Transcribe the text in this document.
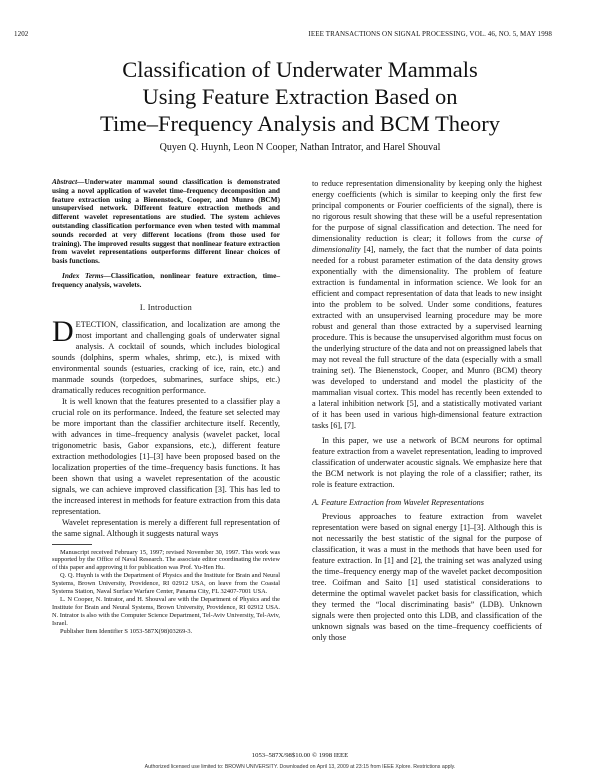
1202	IEEE TRANSACTIONS ON SIGNAL PROCESSING, VOL. 46, NO. 5, MAY 1998
Classification of Underwater Mammals
Using Feature Extraction Based on
Time–Frequency Analysis and BCM Theory
Quyen Q. Huynh, Leon N Cooper, Nathan Intrator, and Harel Shouval

Abstract—Underwater mammal sound classification is demonstrated using a novel application of wavelet time–frequency decomposition and feature extraction using a Bienenstock, Cooper, and Munro (BCM) unsupervised network. Different feature extraction methods and different wavelet representations are studied. The system achieves outstanding classification performance even when tested with mammal sounds recorded at very different locations (from those used for training). The improved results suggest that nonlinear feature extraction from wavelet representations outperforms different linear choices of basis functions.

Index Terms—Classification, nonlinear feature extraction, time–frequency analysis, wavelets.

I. Introduction

DETECTION, classification, and localization are among the most important and challenging goals of underwater signal analysis. A cocktail of sounds, which includes biological sounds (dolphins, sperm whales, shrimp, etc.), is mixed with environmental sounds (estuaries, cracking of ice, rain, etc.) and manmade sounds (torpedoes, submarines, surface ships, etc.) dramatically reduces recognition performance.

It is well known that the features presented to a classifier play a crucial role on its performance. Indeed, the feature set selected may be more important than the classifier architecture itself. Recently, with advances in time–frequency analysis (wavelet packet, local trigonometric basis, Gabor expansions, etc.), different feature extraction methodologies [1]–[3] have been proposed based on the localization properties of the time–frequency basis functions. It has been shown that using a wavelet representation of the acoustic signals, we can achieve improved classification [3]. This has led to the increased interest in methods for feature extraction from this data representation.

Wavelet representation is merely a different full representation of the same signal. Although it suggests natural ways

Manuscript received February 15, 1997; revised November 30, 1997. This work was supported by the Office of Naval Research. The associate editor coordinating the review of this paper and approving it for publication was Prof. Yu-Hen Hu.

Q. Q. Huynh is with the Department of Physics and the Institute for Brain and Neural Systems, Brown University, Providence, RI 02912 USA, on leave from the Coastal Systems Station, Naval Surface Warfare Center, Panama City, FL 32407-7001 USA.

L. N Cooper, N. Intrator, and H. Shouval are with the Department of Physics and the Institute for Brain and Neural Systems, Brown University, Providence, RI 02912 USA. N. Intrator is also with the Computer Science Department, Tel-Aviv University, Tel-Aviv, Israel.

Publisher Item Identifier S 1053-587X(98)03269-3.

to reduce representation dimensionality by keeping only the highest energy coefficients (which is similar to keeping only the first few principal components or Fourier coefficients of the signal), there is no rigorous result showing that these will be a useful representation for the purpose of signal classification and detection. The need for dimensionality reduction is clear; it follows from the curse of dimensionality [4], namely, the fact that the number of data points needed for a robust parameter estimation of the data density grows exponentially with the dimensionality. The problem of feature extraction is fundamental in information science. We look for an efficient and compact representation of data that leads to new insight into the problem to be solved. Under some conditions, features extracted with an unsupervised learning procedure may be more robust and general than those extracted by a supervised learning procedure. This is because the unsupervised algorithm must focus on the underlying structure of the data and not on preassigned labels that may not reveal the full structure of the data (especially with a small training set). The Bienenstock, Cooper, and Munro (BCM) theory was developed to understand and model the plasticity of the mammalian visual cortex. This model has recently been extended to a lateral inhibition network [5], and a statistically motivated variant of it has been used in various high-dimensional feature extraction tasks [6], [7].

In this paper, we use a network of BCM neurons for optimal feature extraction from a wavelet representation, leading to improved classification of underwater acoustic signals. We emphasize here that the BCM network is not playing the role of a classifier; rather, its role is feature extraction.

A. Feature Extraction from Wavelet Representations

Previous approaches to feature extraction from wavelet representation were based on signal energy [1]–[3]. Although this is not necessarily the best statistic of the signal for the purpose of classification, it was a must in the methods that have been used for feature extraction. In [1] and [2], the training set was analyzed using the time–frequency energy map of the wavelet packet decomposition tree. Coifman and Saito [1] used statistical considerations to determine the optimal wavelet packet basis for classification, which they termed the “local discriminating basis” (LDB). Unknown signals were then projected onto this LDB, and classification of the unknown signals was based on the time–frequency coefficients of only those

1053–587X/98$10.00 © 1998 IEEE
Authorized licensed use limited to: BROWN UNIVERSITY. Downloaded on April 13, 2009 at 23:15 from IEEE Xplore. Restrictions apply.
